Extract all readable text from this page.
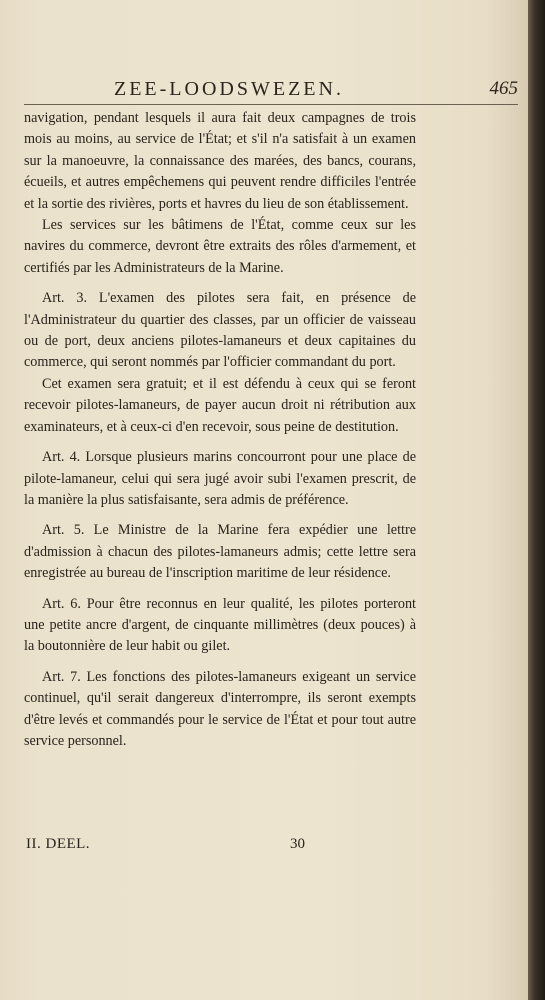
ZEE-LOODSWEZEN.	465

navigation, pendant lesquels il aura fait deux campagnes de trois mois au moins, au service de l'État; et s'il n'a satisfait à un examen sur la manoeuvre, la connaissance des marées, des bancs, courans, écueils, et autres empêchemens qui peuvent rendre difficiles l'entrée et la sortie des rivières, ports et havres du lieu de son établissement.

Les services sur les bâtimens de l'État, comme ceux sur les navires du commerce, devront être extraits des rôles d'armement, et certifiés par les Administrateurs de la Marine.

Art. 3. L'examen des pilotes sera fait, en présence de l'Administrateur du quartier des classes, par un officier de vaisseau ou de port, deux anciens pilotes-lamaneurs et deux capitaines du commerce, qui seront nommés par l'officier commandant du port.

Cet examen sera gratuit; et il est défendu à ceux qui se feront recevoir pilotes-lamaneurs, de payer aucun droit ni rétribution aux examinateurs, et à ceux-ci d'en recevoir, sous peine de destitution.

Art. 4. Lorsque plusieurs marins concourront pour une place de pilote-lamaneur, celui qui sera jugé avoir subi l'examen prescrit, de la manière la plus satisfaisante, sera admis de préférence.

Art. 5. Le Ministre de la Marine fera expédier une lettre d'admission à chacun des pilotes-lamaneurs admis; cette lettre sera enregistrée au bureau de l'inscription maritime de leur résidence.

Art. 6. Pour être reconnus en leur qualité, les pilotes porteront une petite ancre d'argent, de cinquante millimètres (deux pouces) à la boutonnière de leur habit ou gilet.

Art. 7. Les fonctions des pilotes-lamaneurs exigeant un service continuel, qu'il serait dangereux d'interrompre, ils seront exempts d'être levés et commandés pour le service de l'État et pour tout autre service personnel.

II. DEEL.	30
